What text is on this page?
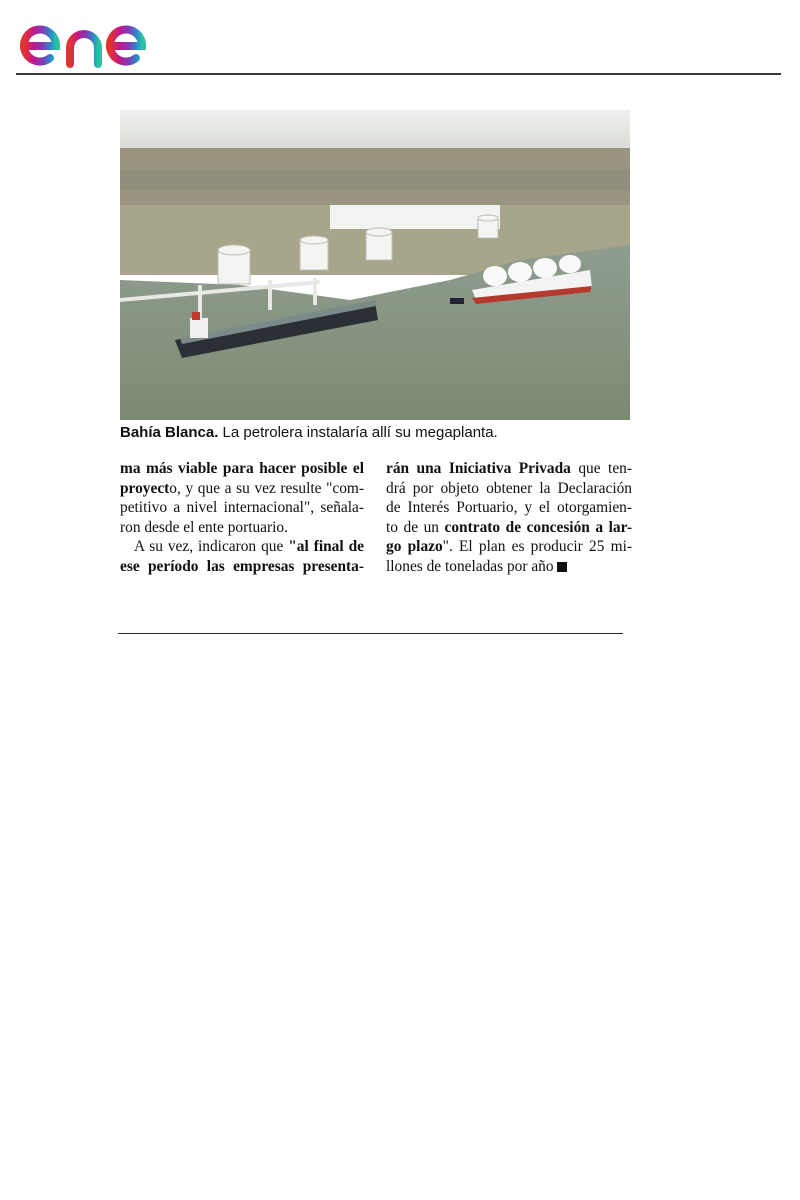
Bahía Blanca. La petrolera instalaría allí su megaplanta.
ma más viable para hacer posible el
proyecto, y que a su vez resulte "com-
petitivo a nivel internacional", señala-
ron desde el ente portuario.
A su vez, indicaron que "al final de
ese período las empresas presenta-
rán una Iniciativa Privada que ten-
drá por objeto obtener la Declaración
de Interés Portuario, y el otorgamien-
to de un contrato de concesión a lar-
go plazo". El plan es producir 25 mi-
llones de toneladas por año
